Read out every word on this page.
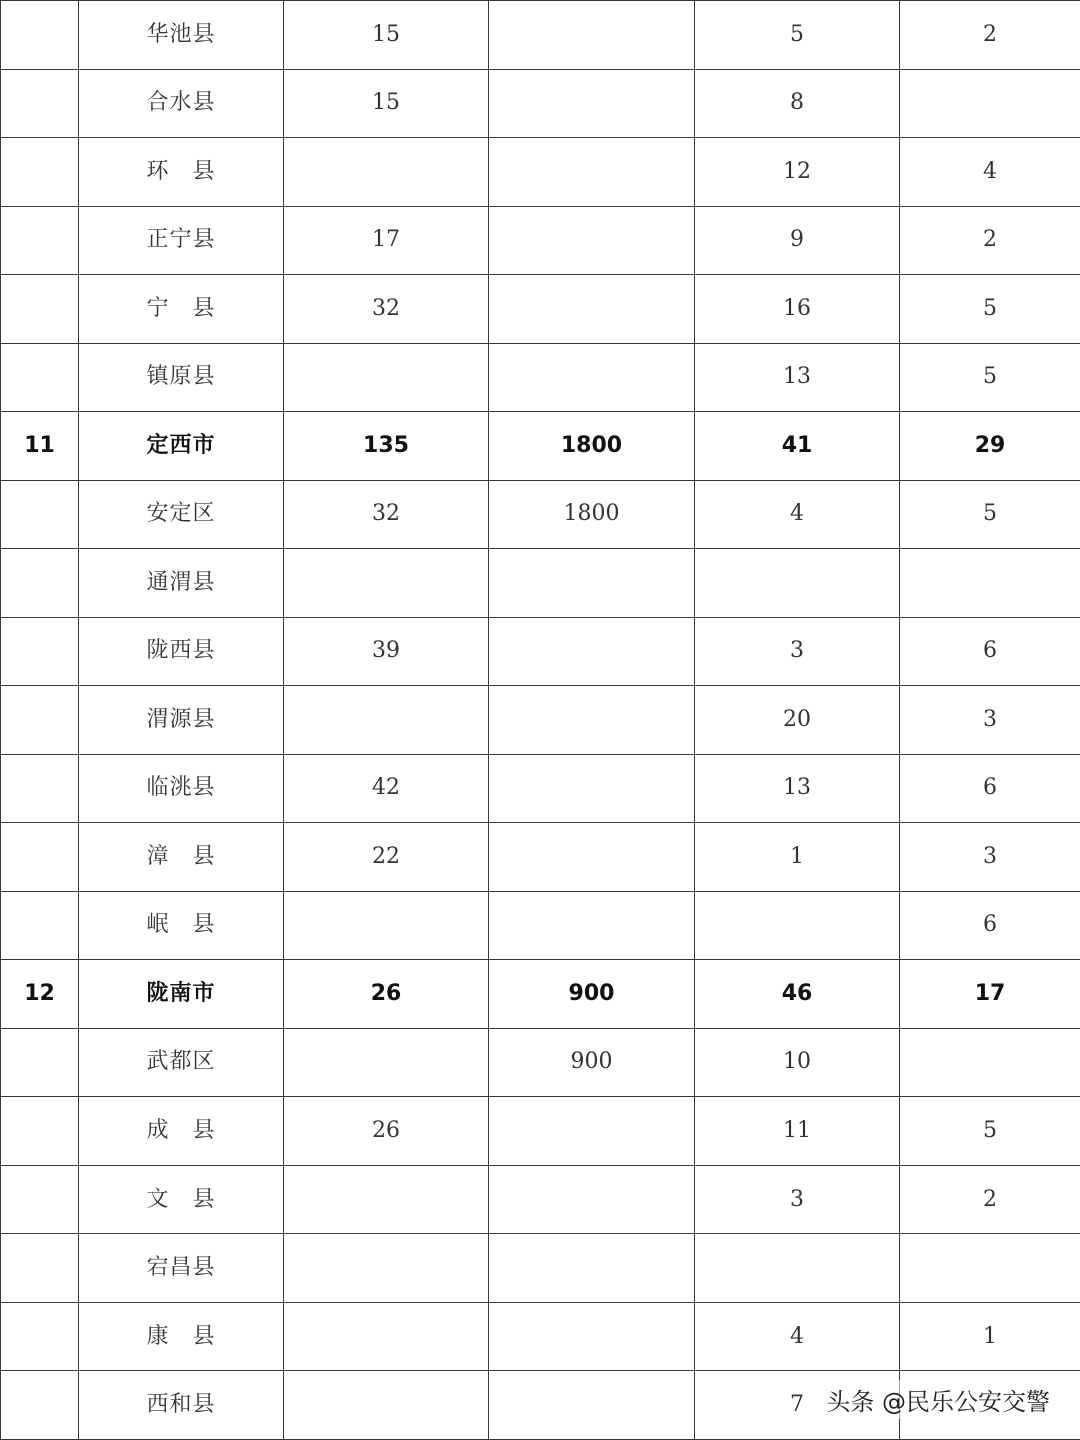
	华池县	15		5	2
	合水县	15		8	
	环　县			12	4
	正宁县	17		9	2
	宁　县	32		16	5
	镇原县			13	5
11	定西市	135	1800	41	29
	安定区	32	1800	4	5
	通渭县				
	陇西县	39		3	6
	渭源县			20	3
	临洮县	42		13	6
	漳　县	22		1	3
	岷　县				6
12	陇南市	26	900	46	17
	武都区		900	10	
	成　县	26		11	5
	文　县			3	2
	宕昌县				
	康　县			4	1
	西和县			7	头条 @民乐公安交警
